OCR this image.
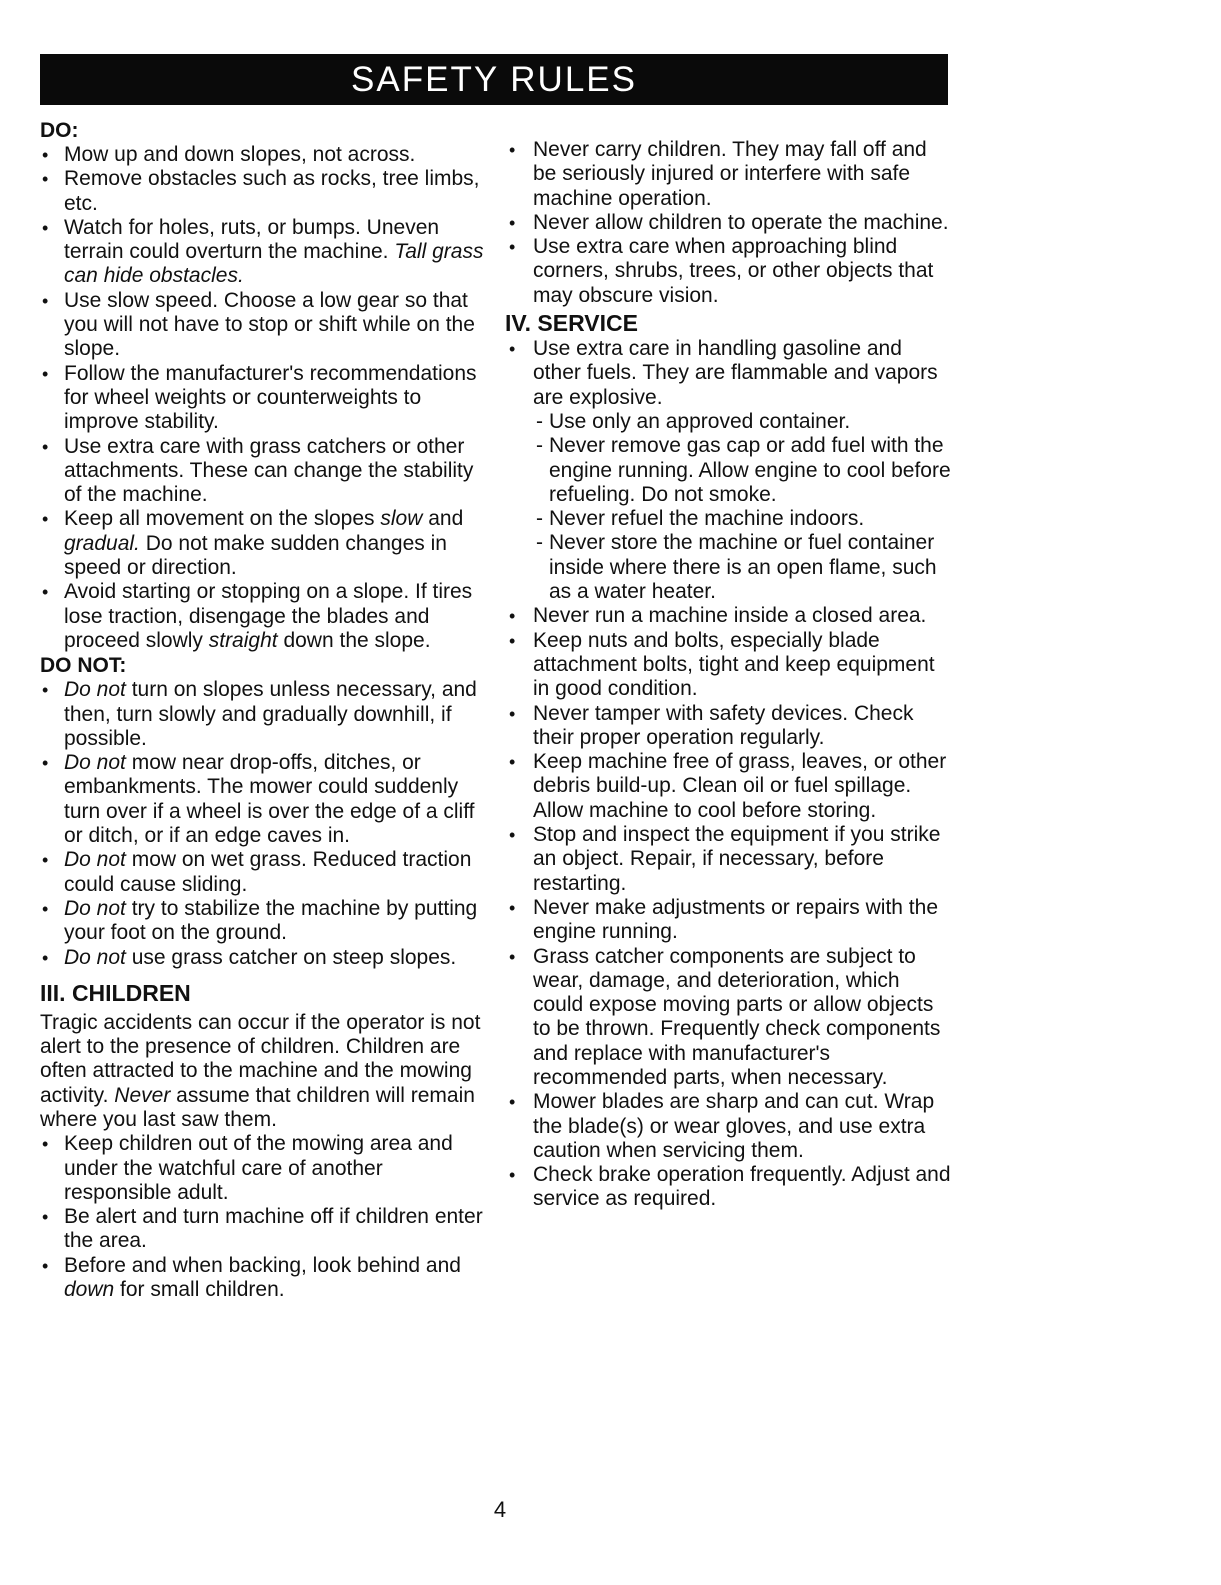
SAFETY RULES
DO:
• Mow up and down slopes, not across.
• Remove obstacles such as rocks, tree limbs, etc.
• Watch for holes, ruts, or bumps. Uneven terrain could overturn the machine. Tall grass can hide obstacles.
• Use slow speed. Choose a low gear so that you will not have to stop or shift while on the slope.
• Follow the manufacturer's recommendations for wheel weights or counterweights to improve stability.
• Use extra care with grass catchers or other attachments. These can change the stability of the machine.
• Keep all movement on the slopes slow and gradual. Do not make sudden changes in speed or direction.
• Avoid starting or stopping on a slope. If tires lose traction, disengage the blades and proceed slowly straight down the slope.
DO NOT:
• Do not turn on slopes unless necessary, and then, turn slowly and gradually downhill, if possible.
• Do not mow near drop-offs, ditches, or embankments. The mower could suddenly turn over if a wheel is over the edge of a cliff or ditch, or if an edge caves in.
• Do not mow on wet grass. Reduced traction could cause sliding.
• Do not try to stabilize the machine by putting your foot on the ground.
• Do not use grass catcher on steep slopes.
III. CHILDREN

Tragic accidents can occur if the operator is not alert to the presence of children. Children are often attracted to the machine and the mowing activity. Never assume that children will remain where you last saw them.

• Keep children out of the mowing area and under the watchful care of another responsible adult.
• Be alert and turn machine off if children enter the area.
• Before and when backing, look behind and down for small children.
• Never carry children. They may fall off and be seriously injured or interfere with safe machine operation.
• Never allow children to operate the machine.
• Use extra care when approaching blind corners, shrubs, trees, or other objects that may obscure vision.
IV. SERVICE
• Use extra care in handling gasoline and other fuels. They are flammable and vapors are explosive.
- Use only an approved container.
- Never remove gas cap or add fuel with the engine running. Allow engine to cool before refueling. Do not smoke.
- Never refuel the machine indoors.
- Never store the machine or fuel container inside where there is an open flame, such as a water heater.
• Never run a machine inside a closed area.
• Keep nuts and bolts, especially blade attachment bolts, tight and keep equipment in good condition.
• Never tamper with safety devices. Check their proper operation regularly.
• Keep machine free of grass, leaves, or other debris build-up. Clean oil or fuel spillage. Allow machine to cool before storing.
• Stop and inspect the equipment if you strike an object. Repair, if necessary, before restarting.
• Never make adjustments or repairs with the engine running.
• Grass catcher components are subject to wear, damage, and deterioration, which could expose moving parts or allow objects to be thrown. Frequently check components and replace with manufacturer's recommended parts, when necessary.
• Mower blades are sharp and can cut. Wrap the blade(s) or wear gloves, and use extra caution when servicing them.
• Check brake operation frequently. Adjust and service as required.
4
